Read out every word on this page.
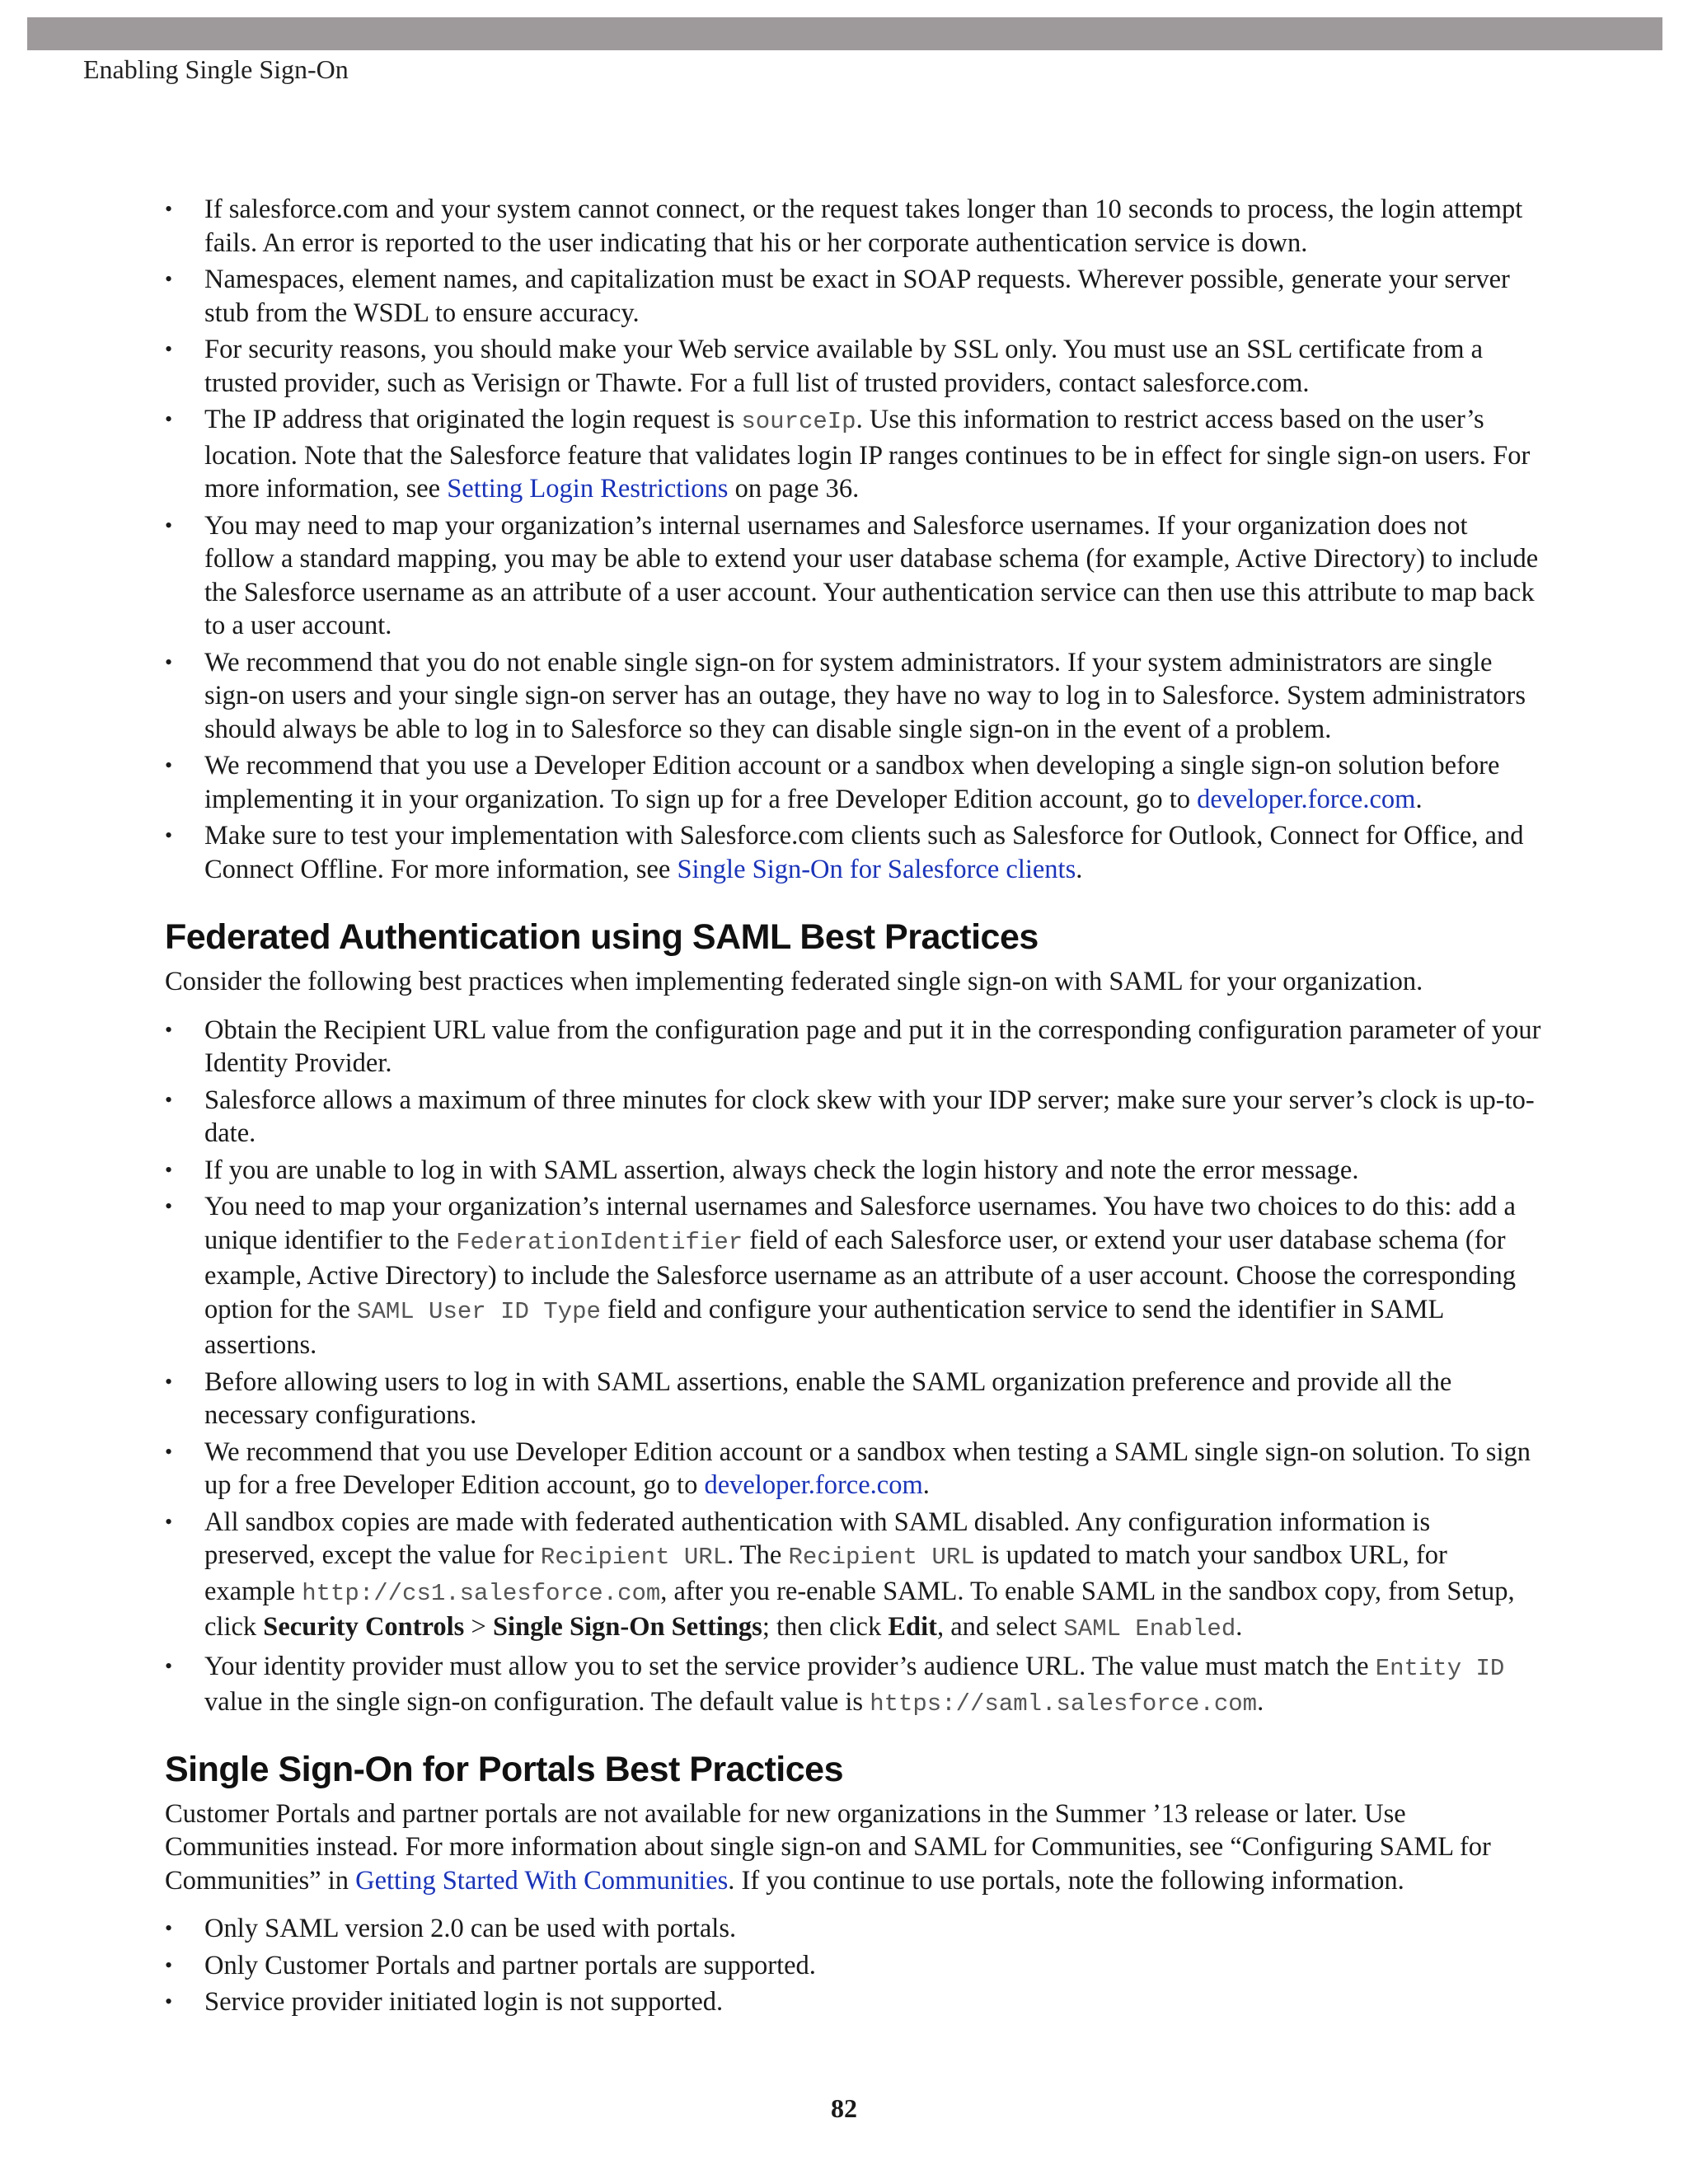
Enabling Single Sign-On
• If salesforce.com and your system cannot connect, or the request takes longer than 10 seconds to process, the login attempt fails. An error is reported to the user indicating that his or her corporate authentication service is down.
• Namespaces, element names, and capitalization must be exact in SOAP requests. Wherever possible, generate your server stub from the WSDL to ensure accuracy.
• For security reasons, you should make your Web service available by SSL only. You must use an SSL certificate from a trusted provider, such as Verisign or Thawte. For a full list of trusted providers, contact salesforce.com.
• The IP address that originated the login request is sourceIp. Use this information to restrict access based on the user’s location. Note that the Salesforce feature that validates login IP ranges continues to be in effect for single sign-on users. For more information, see Setting Login Restrictions on page 36.
• You may need to map your organization’s internal usernames and Salesforce usernames. If your organization does not follow a standard mapping, you may be able to extend your user database schema (for example, Active Directory) to include the Salesforce username as an attribute of a user account. Your authentication service can then use this attribute to map back to a user account.
• We recommend that you do not enable single sign-on for system administrators. If your system administrators are single sign-on users and your single sign-on server has an outage, they have no way to log in to Salesforce. System administrators should always be able to log in to Salesforce so they can disable single sign-on in the event of a problem.
• We recommend that you use a Developer Edition account or a sandbox when developing a single sign-on solution before implementing it in your organization. To sign up for a free Developer Edition account, go to developer.force.com.
• Make sure to test your implementation with Salesforce.com clients such as Salesforce for Outlook, Connect for Office, and Connect Offline. For more information, see Single Sign-On for Salesforce clients.
Federated Authentication using SAML Best Practices

Consider the following best practices when implementing federated single sign-on with SAML for your organization.

• Obtain the Recipient URL value from the configuration page and put it in the corresponding configuration parameter of your Identity Provider.
• Salesforce allows a maximum of three minutes for clock skew with your IDP server; make sure your server’s clock is up-to-date.
• If you are unable to log in with SAML assertion, always check the login history and note the error message.
• You need to map your organization’s internal usernames and Salesforce usernames. You have two choices to do this: add a unique identifier to the FederationIdentifier field of each Salesforce user, or extend your user database schema (for example, Active Directory) to include the Salesforce username as an attribute of a user account. Choose the corresponding option for the SAML User ID Type field and configure your authentication service to send the identifier in SAML assertions.
• Before allowing users to log in with SAML assertions, enable the SAML organization preference and provide all the necessary configurations.
• We recommend that you use Developer Edition account or a sandbox when testing a SAML single sign-on solution. To sign up for a free Developer Edition account, go to developer.force.com.
• All sandbox copies are made with federated authentication with SAML disabled. Any configuration information is preserved, except the value for Recipient URL. The Recipient URL is updated to match your sandbox URL, for example http://cs1.salesforce.com, after you re-enable SAML. To enable SAML in the sandbox copy, from Setup, click Security Controls > Single Sign-On Settings; then click Edit, and select SAML Enabled.
• Your identity provider must allow you to set the service provider’s audience URL. The value must match the Entity ID value in the single sign-on configuration. The default value is https://saml.salesforce.com.
Single Sign-On for Portals Best Practices

Customer Portals and partner portals are not available for new organizations in the Summer ’13 release or later. Use Communities instead. For more information about single sign-on and SAML for Communities, see “Configuring SAML for Communities” in Getting Started With Communities. If you continue to use portals, note the following information.

• Only SAML version 2.0 can be used with portals.
• Only Customer Portals and partner portals are supported.
• Service provider initiated login is not supported.
82
